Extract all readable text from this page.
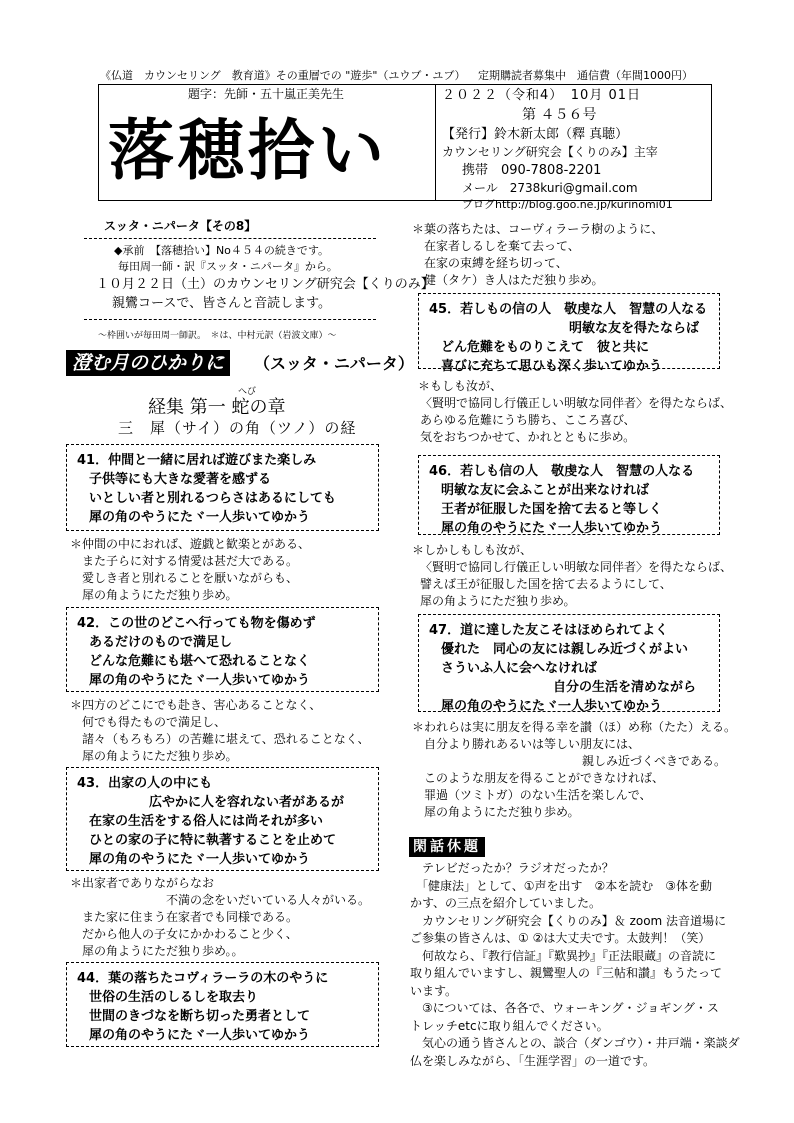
《仏道　カウンセリング　教育道》その重層での "遊歩"（ユウブ・ユブ） 定期購読者募集中　通信費（年間1000円）
題字：先師・五十嵐正美先生
落穂拾い
２０２２（令和4）　10月 01日
第 ４５６号
【発行】鈴木新太郎（釋 真聴）
カウンセリング研究会【くりのみ】主宰
携帯　090-7808-2201
メール　2738kuri@gmail.com
ブログhttp://blog.goo.ne.jp/kurinomi01
スッタ・ニパータ【その8】
◆承前　【落穂拾い】No４５４の続きです。
毎田周一師・訳『スッタ・ニパータ』から。
１０月２２日（土）のカウンセリング研究会【くりのみ】
親鸞コースで、皆さんと音読します。
～枠囲いが毎田周一師訳。　＊は、中村元訳（岩波文庫）～
澄む月のひかりに	（スッタ・ニパータ）
へび
経集 第一 蛇の章
三　犀（サイ）の角（ツノ）の経
41．仲間と一緒に居れば遊びまた楽しみ
子供等にも大きな愛著を感ずる
いとしい者と別れるつらさはあるにしても
犀の角のやうにたヾ一人歩いてゆかう
＊仲間の中におれば、遊戯と歓楽とがある、
また子らに対する情愛は甚だ大である。
愛しき者と別れることを厭いながらも、
犀の角ようにただ独り歩め。
42．この世のどこへ行っても物を傷めず
あるだけのもので満足し
どんな危難にも堪へて恐れることなく
犀の角のやうにたヾ一人歩いてゆかう
＊四方のどこにでも赴き、害心あることなく、
何でも得たもので満足し、
諸々（もろもろ）の苦難に堪えて、恐れることなく、
犀の角ようにただ独り歩め。
43．出家の人の中にも
広やかに人を容れない者があるが
在家の生活をする俗人には尚それが多い
ひとの家の子に特に執著することを止めて
犀の角のやうにたヾ一人歩いてゆかう
＊出家者でありながらなお
不満の念をいだいている人々がいる。
また家に住まう在家者でも同様である。
だから他人の子女にかかわること少く、
犀の角ようにただ独り歩め。。
44．葉の落ちたコヴィラーラの木のやうに
世俗の生活のしるしを取去り
世間のきづなを断ち切った勇者として
犀の角のやうにたヾ一人歩いてゆかう
＊葉の落ちたは、コーヴィラーラ樹のように、
在家者しるしを棄て去って、
在家の束縛を経ち切って、
健（タケ）き人はただ独り歩め。
45．若しもの信の人　敬虔な人　智慧の人なる
明敏な友を得たならば
どん危難をものりこえて　彼と共に
喜びに充ちて思ひも深く歩いてゆかう
＊もしも汝が、
〈賢明で協同し行儀正しい明敏な同伴者〉を得たならば、
あらゆる危難にうち勝ち、こころ喜び、
気をおちつかせて、かれとともに歩め。
46．若しも信の人　敬虔な人　智慧の人なる
明敏な友に会ふことが出来なければ
王者が征服した国を捨て去ると等しく
犀の角のやうにたヾ一人歩いてゆかう
＊しかしもしも汝が、
〈賢明で協同し行儀正しい明敏な同伴者〉を得たならば、
譬えば王が征服した国を捨て去るようにして、
犀の角ようにただ独り歩め。
47．道に達した友こそはほめられてよく
優れた　同心の友には親しみ近づくがよい
さういふ人に会へなければ
自分の生活を清めながら
犀の角のやうにたヾ一人歩いてゆかう
＊われらは実に朋友を得る幸を讃（ほ）め称（たた）える。
自分より勝れあるいは等しい朋友には、
親しみ近づくべきである。
このような朋友を得ることができなければ、
罪過（ツミトガ）のない生活を楽しんで、
犀の角ようにただ独り歩め。
閑話休題
テレビだったか？ラジオだったか？
「健康法」として、①声を出す　②本を読む　③体を動
かす、の三点を紹介していました。
カウンセリング研究会【くりのみ】＆ zoom 法音道場に
ご参集の皆さんは、① ②は大丈夫です。太鼓判！（笑）
何故なら、『教行信証』『歎異抄』『正法眼蔵』の音読に
取り組んでいますし、親鸞聖人の『三帖和讃』もうたって
います。
③については、各各で、ウォーキング・ジョギング・ス
トレッチetcに取り組んでください。
気心の通う皆さんとの、談合（ダンゴウ）・井戸端・楽談ダ
仏を楽しみながら、「生涯学習」の一道です。
